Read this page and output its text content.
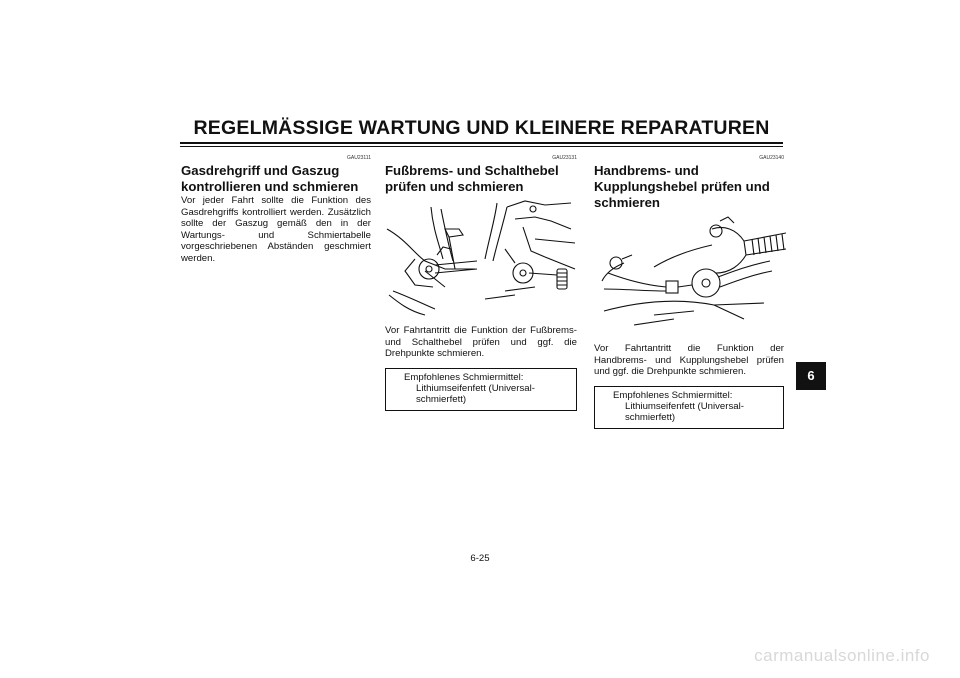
REGELMÄSSIGE WARTUNG UND KLEINERE REPARATUREN
GAU23111
Gasdrehgriff und Gaszug
kontrollieren und schmieren

Vor jeder Fahrt sollte die Funktion des Gasdrehgriffs kontrolliert werden. Zusätzlich sollte der Gaszug gemäß den in der Wartungs- und Schmiertabelle vorgeschriebenen Abständen geschmiert werden.

GAU23131
Fußbrems- und Schalthebel
prüfen und schmieren

Vor Fahrtantritt die Funktion der Fußbrems- und Schalthebel prüfen und ggf. die Drehpunkte schmieren.

Empfohlenes Schmiermittel:
Lithiumseifenfett (Universal-
schmierfett)
GAU23140
Handbrems- und
Kupplungshebel prüfen und
schmieren

Vor Fahrtantritt die Funktion der Handbrems- und Kupplungshebel prüfen und ggf. die Drehpunkte schmieren.

Empfohlenes Schmiermittel:
Lithiumseifenfett (Universal-
schmierfett)
6
6-25
carmanualsonline.info
